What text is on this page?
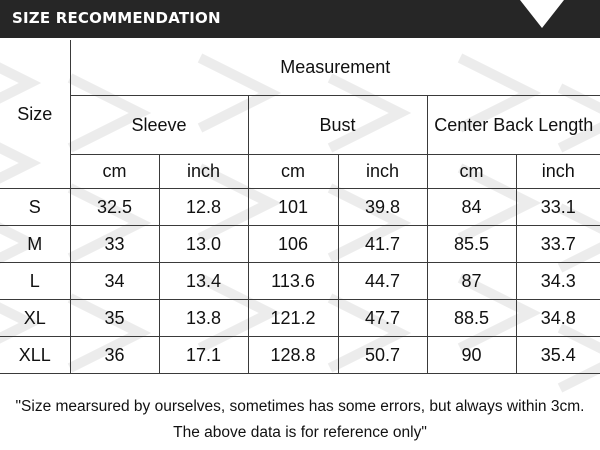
SIZE RECOMMENDATION
Size	Measurement					
	Sleeve		Bust		Center Back Length	
	cm	inch	cm	inch	cm	inch
S	32.5	12.8	101	39.8	84	33.1
M	33	13.0	106	41.7	85.5	33.7
L	34	13.4	113.6	44.7	87	34.3
XL	35	13.8	121.2	47.7	88.5	34.8
XLL	36	17.1	128.8	50.7	90	35.4
"Size mearsured by ourselves, sometimes has some errors, but always within 3cm.
The above data is for reference only"
